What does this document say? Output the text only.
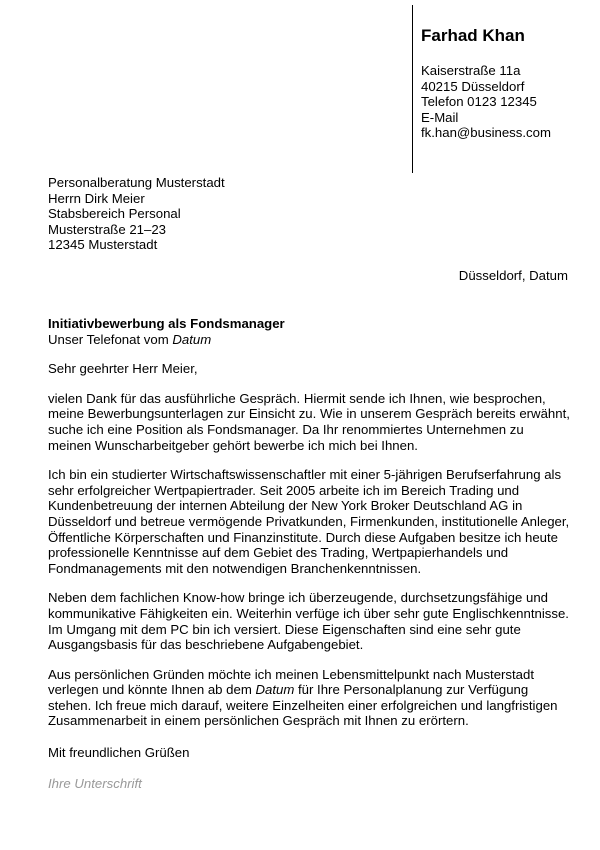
Farhad Khan
Kaiserstraße 11a
40215 Düsseldorf
Telefon 0123 12345
E-Mail
fk.han@business.com
Personalberatung Musterstadt
Herrn Dirk Meier
Stabsbereich Personal
Musterstraße 21–23
12345 Musterstadt
Düsseldorf, Datum
Initiativbewerbung als Fondsmanager
Unser Telefonat vom Datum
Sehr geehrter Herr Meier,

vielen Dank für das ausführliche Gespräch. Hiermit sende ich Ihnen, wie besprochen, meine Bewerbungsunterlagen zur Einsicht zu. Wie in unserem Gespräch bereits erwähnt, suche ich eine Position als Fondsmanager. Da Ihr renommiertes Unternehmen zu meinen Wunscharbeitgeber gehört bewerbe ich mich bei Ihnen.

Ich bin ein studierter Wirtschaftswissenschaftler mit einer 5-jährigen Berufserfahrung als sehr erfolgreicher Wertpapiertrader. Seit 2005 arbeite ich im Bereich Trading und Kundenbetreuung der internen Abteilung der New York Broker Deutschland AG in Düsseldorf und betreue vermögende Privatkunden, Firmenkunden, institutionelle Anleger, Öffentliche Körperschaften und Finanzinstitute. Durch diese Aufgaben besitze ich heute professionelle Kenntnisse auf dem Gebiet des Trading, Wertpapierhandels und Fondmanagements mit den notwendigen Branchenkenntnissen.

Neben dem fachlichen Know-how bringe ich überzeugende, durchsetzungsfähige und kommunikative Fähigkeiten ein. Weiterhin verfüge ich über sehr gute Englischkenntnisse. Im Umgang mit dem PC bin ich versiert. Diese Eigenschaften sind eine sehr gute Ausgangsbasis für das beschriebene Aufgabengebiet.

Aus persönlichen Gründen möchte ich meinen Lebensmittelpunkt nach Musterstadt verlegen und könnte Ihnen ab dem Datum für Ihre Personalplanung zur Verfügung stehen. Ich freue mich darauf, weitere Einzelheiten einer erfolgreichen und langfristigen Zusammenarbeit in einem persönlichen Gespräch mit Ihnen zu erörtern.

Mit freundlichen Grüßen
Ihre Unterschrift
